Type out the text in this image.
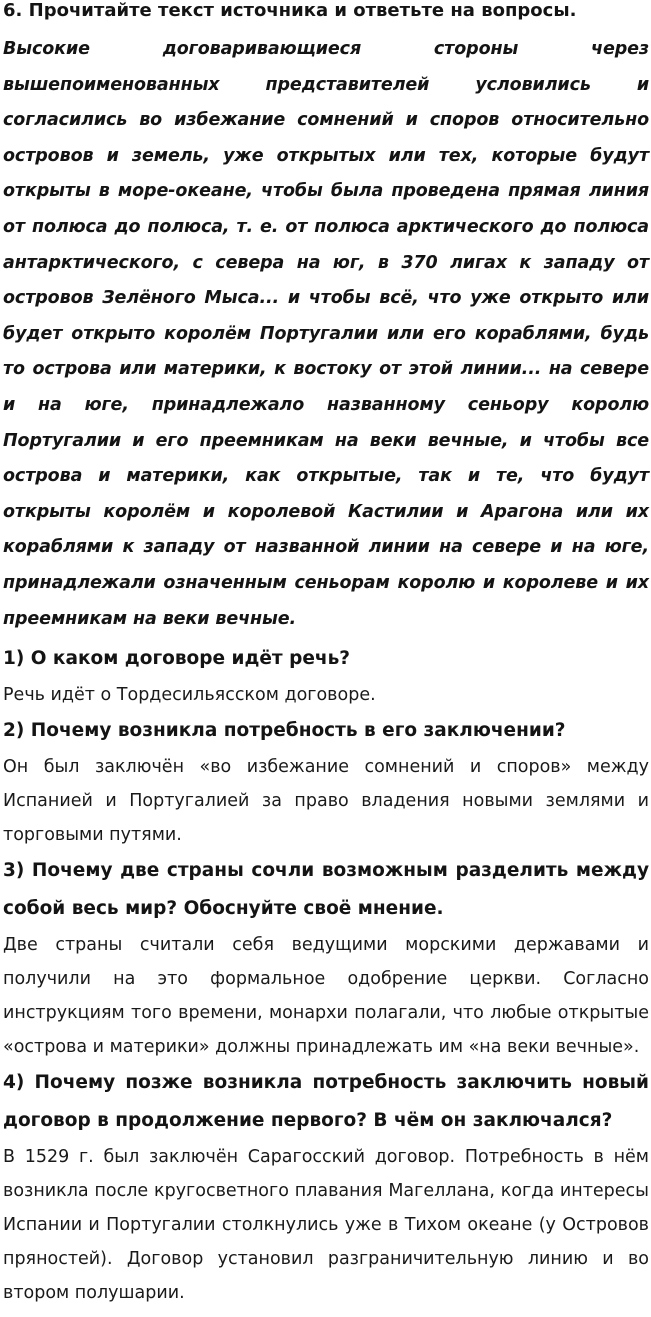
6. Прочитайте текст источника и ответьте на вопросы.

Высокие договаривающиеся стороны через вышепоименованных представителей условились и согласились во избежание сомнений и споров относительно островов и земель, уже открытых или тех, которые будут открыты в море-океане, чтобы была проведена прямая линия от полюса до полюса, т. е. от полюса арктического до полюса антарктического, с севера на юг, в 370 лигах к западу от островов Зелёного Мыса... и чтобы всё, что уже открыто или будет открыто королём Португалии или его кораблями, будь то острова или материки, к востоку от этой линии... на севере и на юге, принадлежало названному сеньору королю Португалии и его преемникам на веки вечные, и чтобы все острова и материки, как открытые, так и те, что будут открыты королём и королевой Кастилии и Арагона или их кораблями к западу от названной линии на севере и на юге, принадлежали означенным сеньорам королю и королеве и их преемникам на веки вечные.

1) О каком договоре идёт речь?

Речь идёт о Тордесильясском договоре.

2) Почему возникла потребность в его заключении?

Он был заключён «во избежание сомнений и споров» между Испанией и Португалией за право владения новыми землями и торговыми путями.

3) Почему две страны сочли возможным разделить между собой весь мир? Обоснуйте своё мнение.

Две страны считали себя ведущими морскими державами и получили на это формальное одобрение церкви. Согласно инструкциям того времени, монархи полагали, что любые открытые «острова и материки» должны принадлежать им «на веки вечные».

4) Почему позже возникла потребность заключить новый договор в продолжение первого? В чём он заключался?

В 1529 г. был заключён Сарагосский договор. Потребность в нём возникла после кругосветного плавания Магеллана, когда интересы Испании и Португалии столкнулись уже в Тихом океане (у Островов пряностей). Договор установил разграничительную линию и во втором полушарии.
